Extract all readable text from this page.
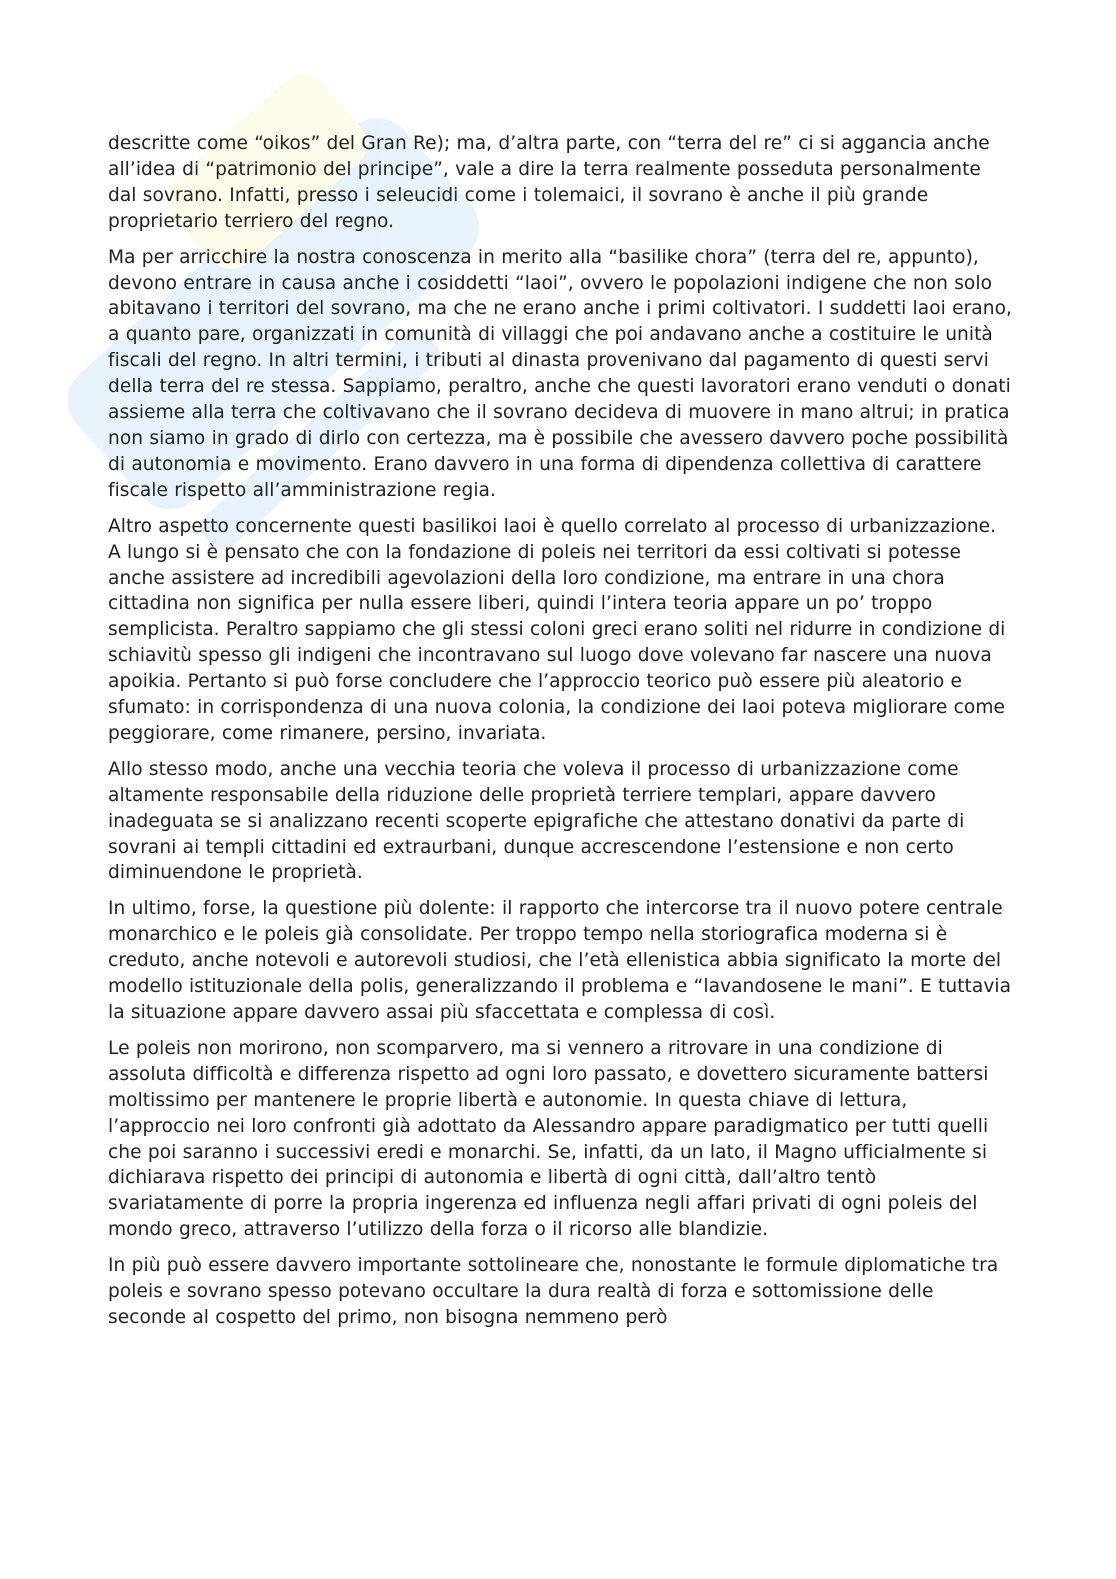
descritte come “oikos” del Gran Re); ma, d’altra parte, con “terra del re” ci si aggancia anche all’idea di “patrimonio del principe”, vale a dire la terra realmente posseduta personalmente dal sovrano. Infatti, presso i seleucidi come i tolemaici, il sovrano è anche il più grande proprietario terriero del regno.

Ma per arricchire la nostra conoscenza in merito alla “basilike chora” (terra del re, appunto), devono entrare in causa anche i cosiddetti “laoi”, ovvero le popolazioni indigene che non solo abitavano i territori del sovrano, ma che ne erano anche i primi coltivatori. I suddetti laoi erano, a quanto pare, organizzati in comunità di villaggi che poi andavano anche a costituire le unità fiscali del regno. In altri termini, i tributi al dinasta provenivano dal pagamento di questi servi della terra del re stessa. Sappiamo, peraltro, anche che questi lavoratori erano venduti o donati assieme alla terra che coltivavano che il sovrano decideva di muovere in mano altrui; in pratica non siamo in grado di dirlo con certezza, ma è possibile che avessero davvero poche possibilità di autonomia e movimento. Erano davvero in una forma di dipendenza collettiva di carattere fiscale rispetto all’amministrazione regia.

Altro aspetto concernente questi basilikoi laoi è quello correlato al processo di urbanizzazione. A lungo si è pensato che con la fondazione di poleis nei territori da essi coltivati si potesse anche assistere ad incredibili agevolazioni della loro condizione, ma entrare in una chora cittadina non significa per nulla essere liberi, quindi l’intera teoria appare un po’ troppo semplicista. Peraltro sappiamo che gli stessi coloni greci erano soliti nel ridurre in condizione di schiavitù spesso gli indigeni che incontravano sul luogo dove volevano far nascere una nuova apoikia. Pertanto si può forse concludere che l’approccio teorico può essere più aleatorio e sfumato: in corrispondenza di una nuova colonia, la condizione dei laoi poteva migliorare come peggiorare, come rimanere, persino, invariata.

Allo stesso modo, anche una vecchia teoria che voleva il processo di urbanizzazione come altamente responsabile della riduzione delle proprietà terriere templari, appare davvero inadeguata se si analizzano recenti scoperte epigrafiche che attestano donativi da parte di sovrani ai templi cittadini ed extraurbani, dunque accrescendone l’estensione e non certo diminuendone le proprietà.

In ultimo, forse, la questione più dolente: il rapporto che intercorse tra il nuovo potere centrale monarchico e le poleis già consolidate. Per troppo tempo nella storiografica moderna si è creduto, anche notevoli e autorevoli studiosi, che l’età ellenistica abbia significato la morte del modello istituzionale della polis, generalizzando il problema e “lavandosene le mani”. E tuttavia la situazione appare davvero assai più sfaccettata e complessa di così.

Le poleis non morirono, non scomparvero, ma si vennero a ritrovare in una condizione di assoluta difficoltà e differenza rispetto ad ogni loro passato, e dovettero sicuramente battersi moltissimo per mantenere le proprie libertà e autonomie. In questa chiave di lettura, l’approccio nei loro confronti già adottato da Alessandro appare paradigmatico per tutti quelli che poi saranno i successivi eredi e monarchi. Se, infatti, da un lato, il Magno ufficialmente si dichiarava rispetto dei principi di autonomia e libertà di ogni città, dall’altro tentò svariatamente di porre la propria ingerenza ed influenza negli affari privati di ogni poleis del mondo greco, attraverso l’utilizzo della forza o il ricorso alle blandizie.

In più può essere davvero importante sottolineare che, nonostante le formule diplomatiche tra poleis e sovrano spesso potevano occultare la dura realtà di forza e sottomissione delle seconde al cospetto del primo, non bisogna nemmeno però
